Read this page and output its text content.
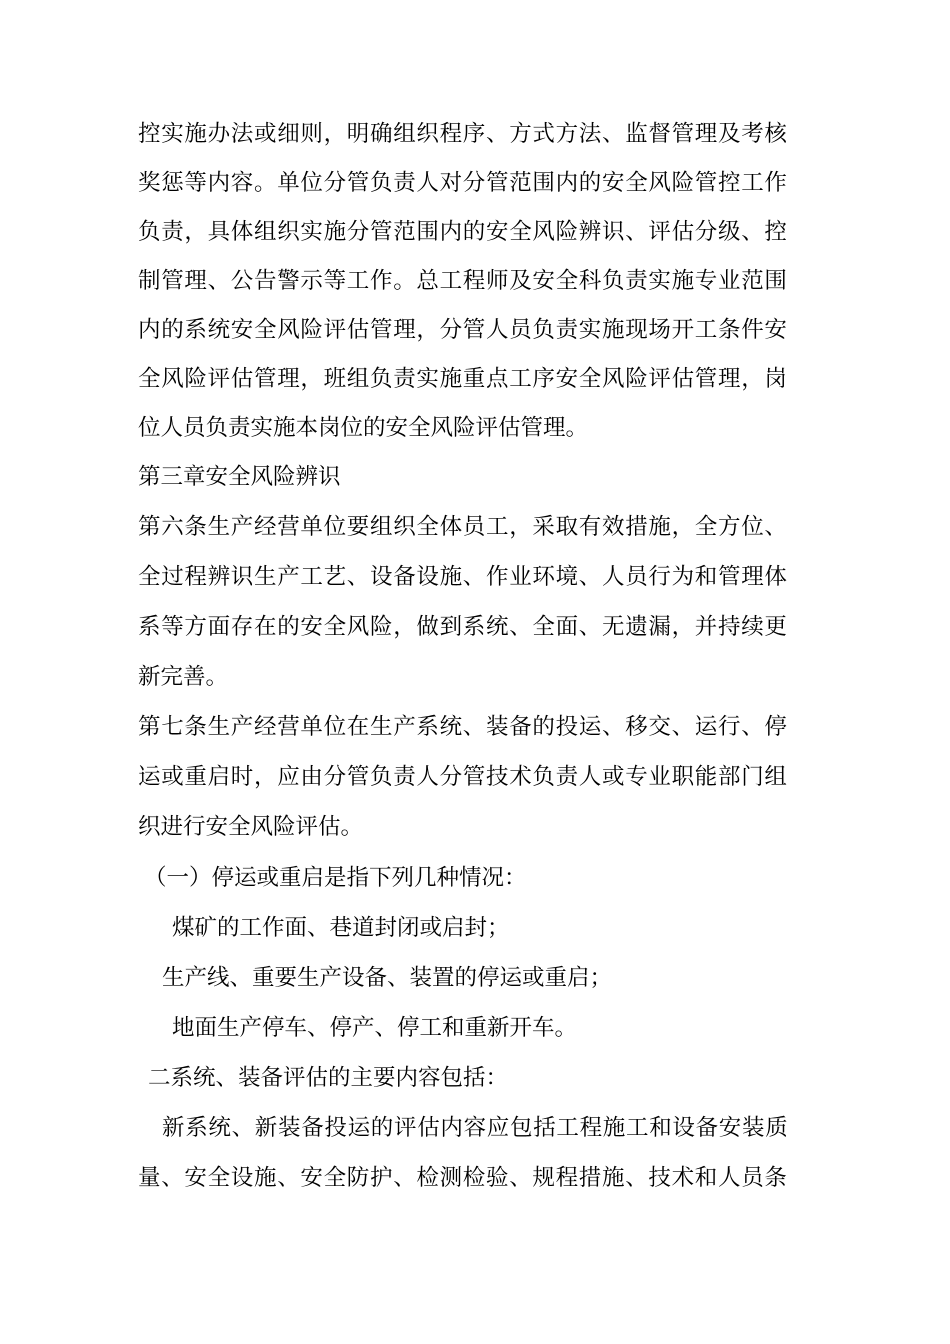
控实施办法或细则，明确组织程序、方式方法、监督管理及考核
奖惩等内容。单位分管负责人对分管范围内的安全风险管控工作
负责，具体组织实施分管范围内的安全风险辨识、评估分级、控
制管理、公告警示等工作。总工程师及安全科负责实施专业范围
内的系统安全风险评估管理，分管人员负责实施现场开工条件安
全风险评估管理，班组负责实施重点工序安全风险评估管理，岗
位人员负责实施本岗位的安全风险评估管理。
第三章安全风险辨识
第六条生产经营单位要组织全体员工，采取有效措施，全方位、
全过程辨识生产工艺、设备设施、作业环境、人员行为和管理体
系等方面存在的安全风险，做到系统、全面、无遗漏，并持续更
新完善。
第七条生产经营单位在生产系统、装备的投运、移交、运行、停
运或重启时，应由分管负责人分管技术负责人或专业职能部门组
织进行安全风险评估。
（一）停运或重启是指下列几种情况：
煤矿的工作面、巷道封闭或启封；
生产线、重要生产设备、装置的停运或重启；
地面生产停车、停产、停工和重新开车。
二系统、装备评估的主要内容包括：
新系统、新装备投运的评估内容应包括工程施工和设备安装质
量、安全设施、安全防护、检测检验、规程措施、技术和人员条
